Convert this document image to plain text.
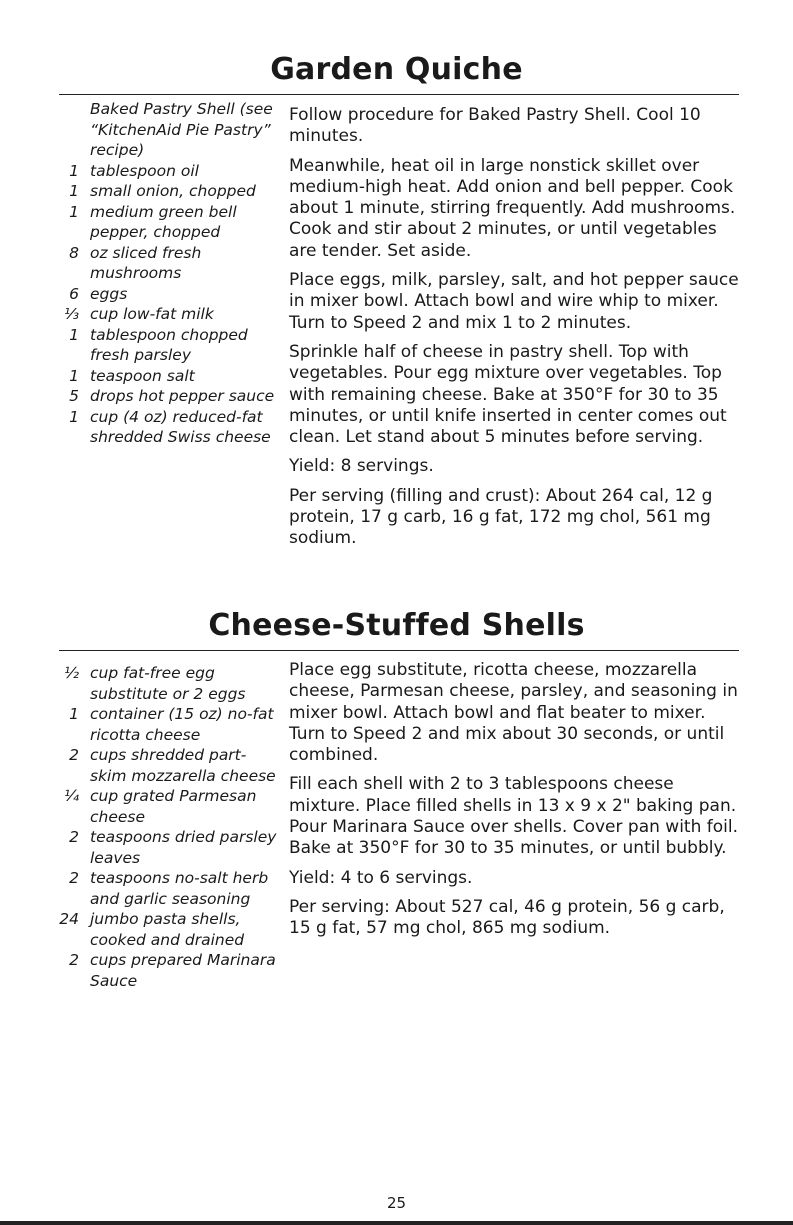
Garden Quiche
Baked Pastry Shell (see “KitchenAid Pie Pastry” recipe)
1 tablespoon oil
1 small onion, chopped
1 medium green bell pepper, chopped
8 oz sliced fresh mushrooms
6 eggs
⅓ cup low-fat milk
1 tablespoon chopped fresh parsley
1 teaspoon salt
5 drops hot pepper sauce
1 cup (4 oz) reduced-fat shredded Swiss cheese

Follow procedure for Baked Pastry Shell. Cool 10 minutes.

Meanwhile, heat oil in large nonstick skillet over medium-high heat. Add onion and bell pepper. Cook about 1 minute, stirring frequently. Add mushrooms. Cook and stir about 2 minutes, or until vegetables are tender. Set aside.

Place eggs, milk, parsley, salt, and hot pepper sauce in mixer bowl. Attach bowl and wire whip to mixer. Turn to Speed 2 and mix 1 to 2 minutes.

Sprinkle half of cheese in pastry shell. Top with vegetables. Pour egg mixture over vegetables. Top with remaining cheese. Bake at 350°F for 30 to 35 minutes, or until knife inserted in center comes out clean. Let stand about 5 minutes before serving.

Yield: 8 servings.

Per serving (filling and crust): About 264 cal, 12 g protein, 17 g carb, 16 g fat, 172 mg chol, 561 mg sodium.

Cheese-Stuffed Shells
½ cup fat-free egg substitute or 2 eggs
1 container (15 oz) no-fat ricotta cheese
2 cups shredded part-skim mozzarella cheese
¼ cup grated Parmesan cheese
2 teaspoons dried parsley leaves
2 teaspoons no-salt herb and garlic seasoning
24 jumbo pasta shells, cooked and drained
2 cups prepared Marinara Sauce

Place egg substitute, ricotta cheese, mozzarella cheese, Parmesan cheese, parsley, and seasoning in mixer bowl. Attach bowl and flat beater to mixer. Turn to Speed 2 and mix about 30 seconds, or until combined.

Fill each shell with 2 to 3 tablespoons cheese mixture. Place filled shells in 13 x 9 x 2" baking pan. Pour Marinara Sauce over shells. Cover pan with foil. Bake at 350°F for 30 to 35 minutes, or until bubbly.

Yield: 4 to 6 servings.

Per serving: About 527 cal, 46 g protein, 56 g carb, 15 g fat, 57 mg chol, 865 mg sodium.

25
